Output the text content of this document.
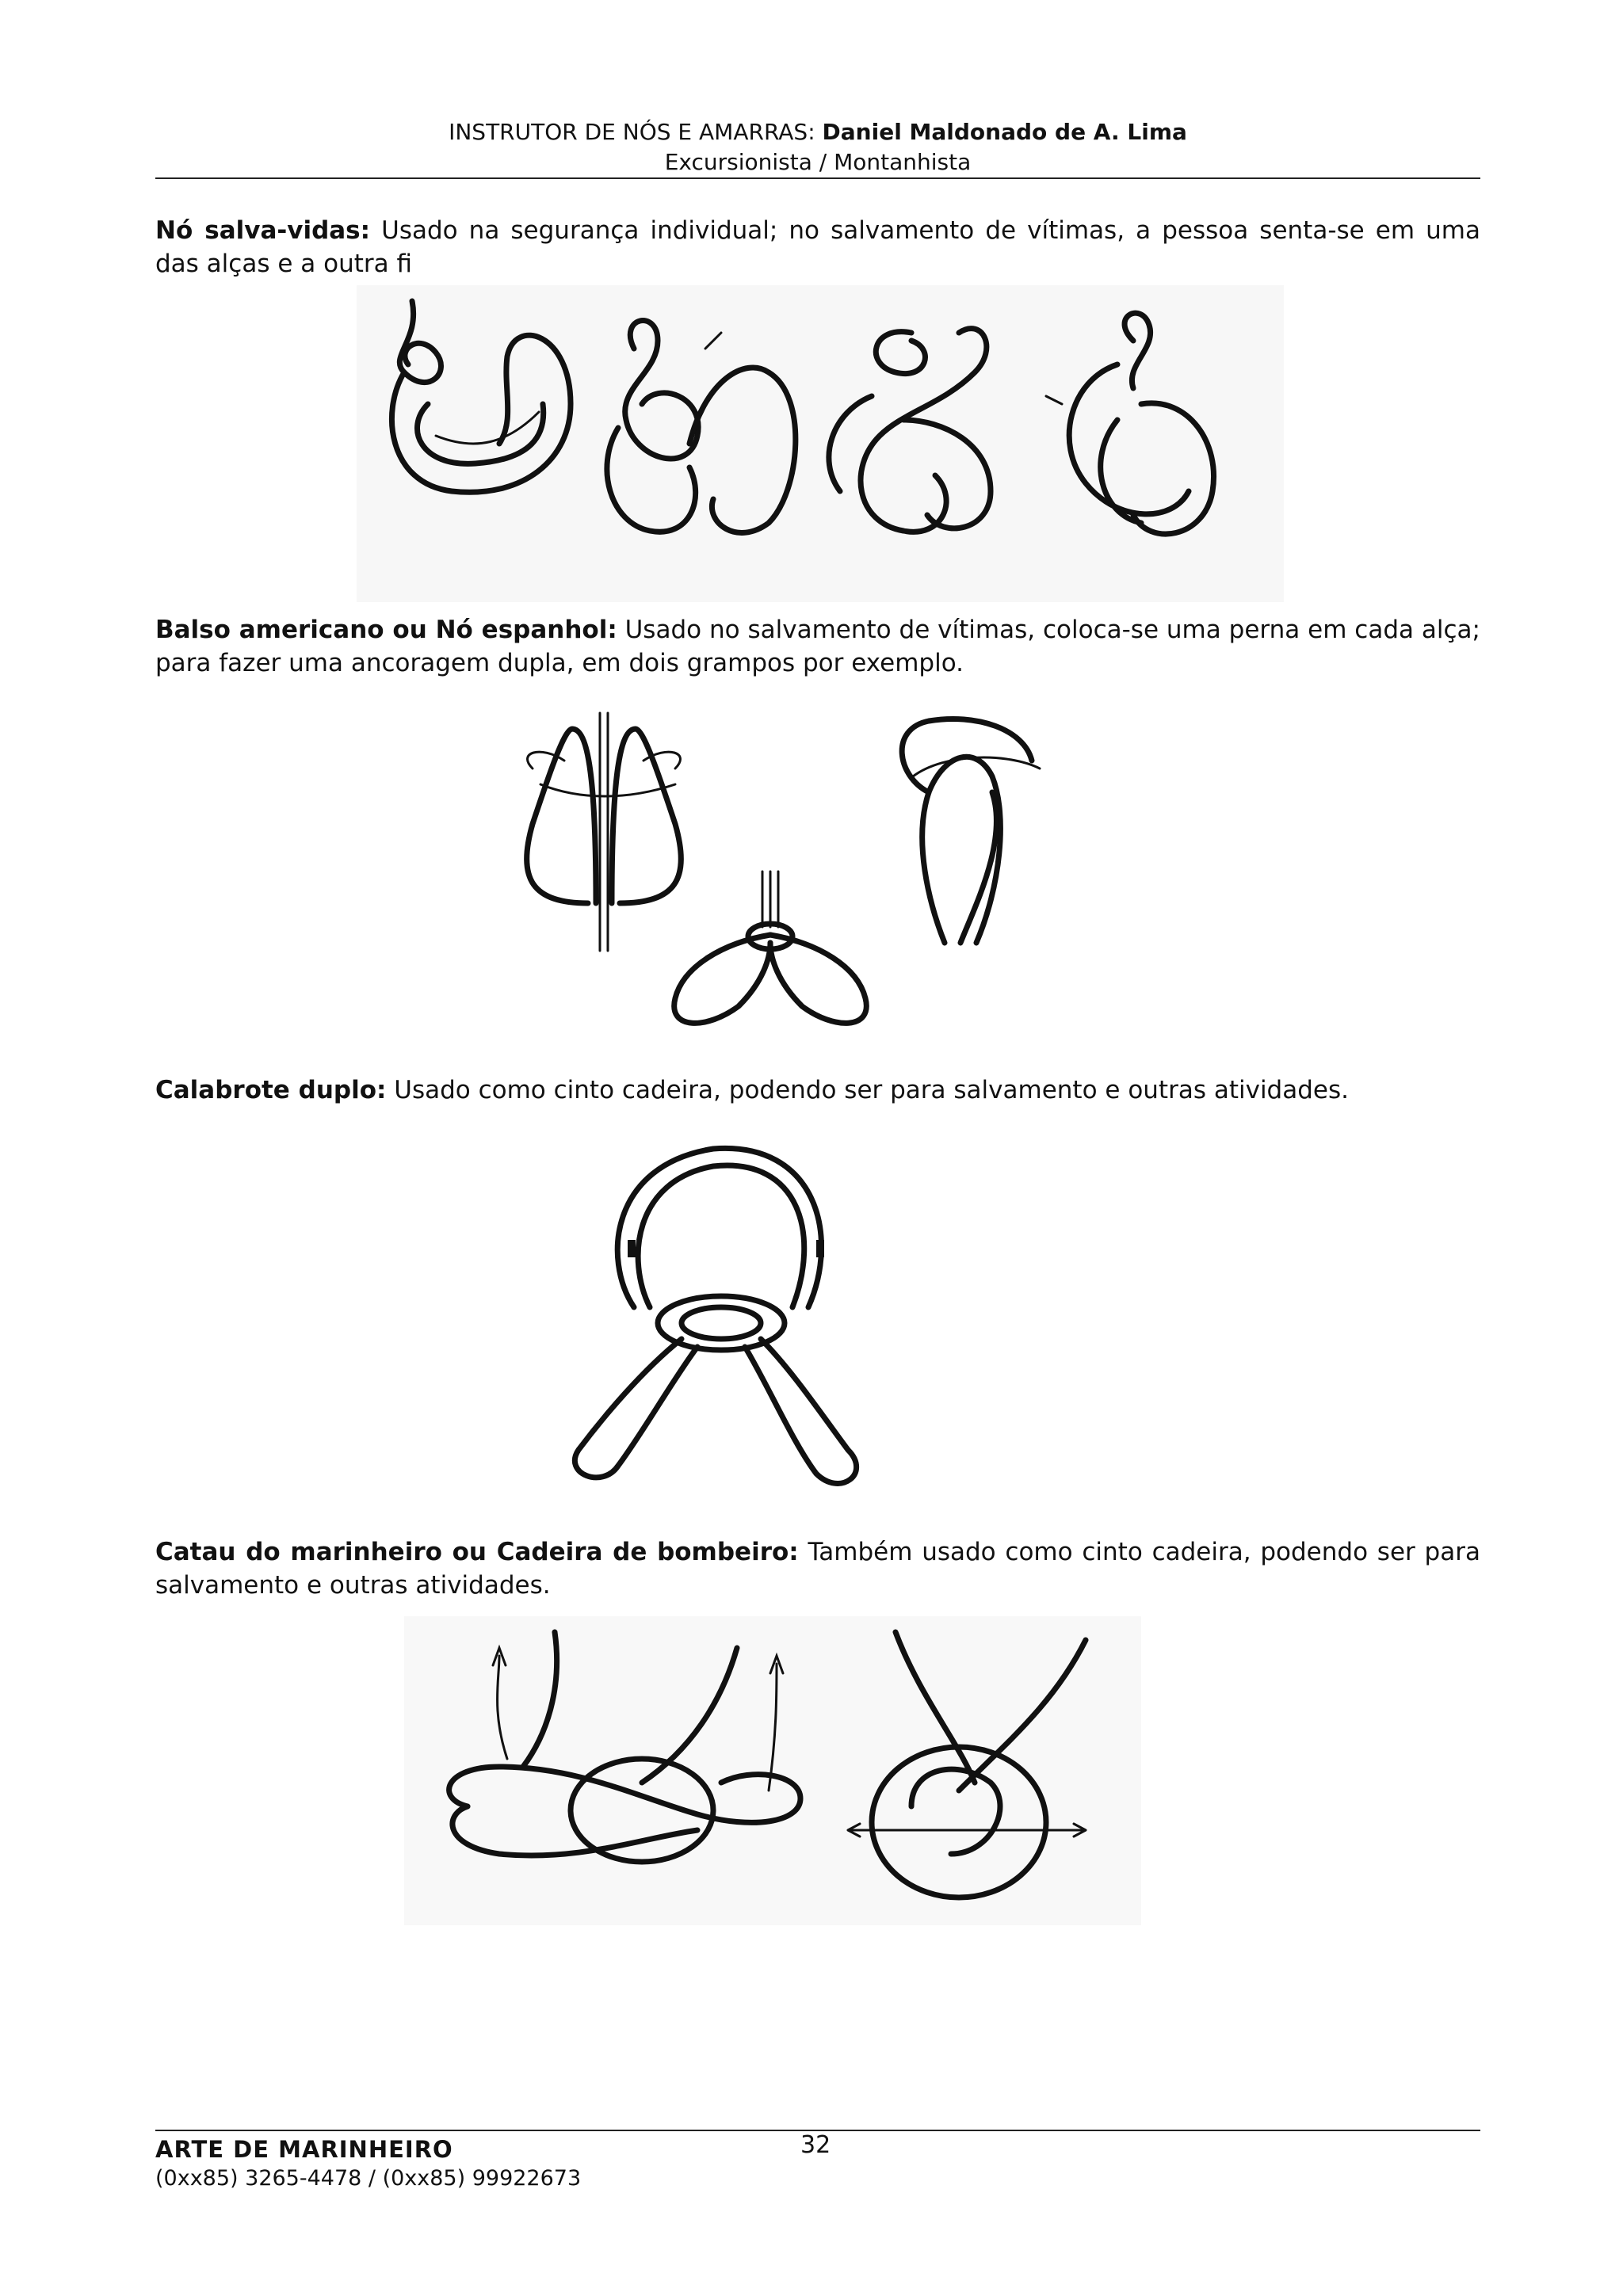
INSTRUTOR DE NÓS E AMARRAS: Daniel Maldonado de A. Lima
Excursionista / Montanhista
Nó salva-vidas: Usado na segurança individual; no salvamento de vítimas, a pessoa senta-se em uma das alças e a outra fi
Balso americano ou Nó espanhol: Usado no salvamento de vítimas, coloca-se uma perna em cada alça; para fazer uma ancoragem dupla, em dois grampos por exemplo.
Calabrote duplo: Usado como cinto cadeira, podendo ser para salvamento e outras atividades.
Catau do marinheiro ou Cadeira de bombeiro: Também usado como cinto cadeira, podendo ser para salvamento e outras atividades.
ARTE DE MARINHEIRO
(0xx85) 3265-4478 / (0xx85) 99922673
32
